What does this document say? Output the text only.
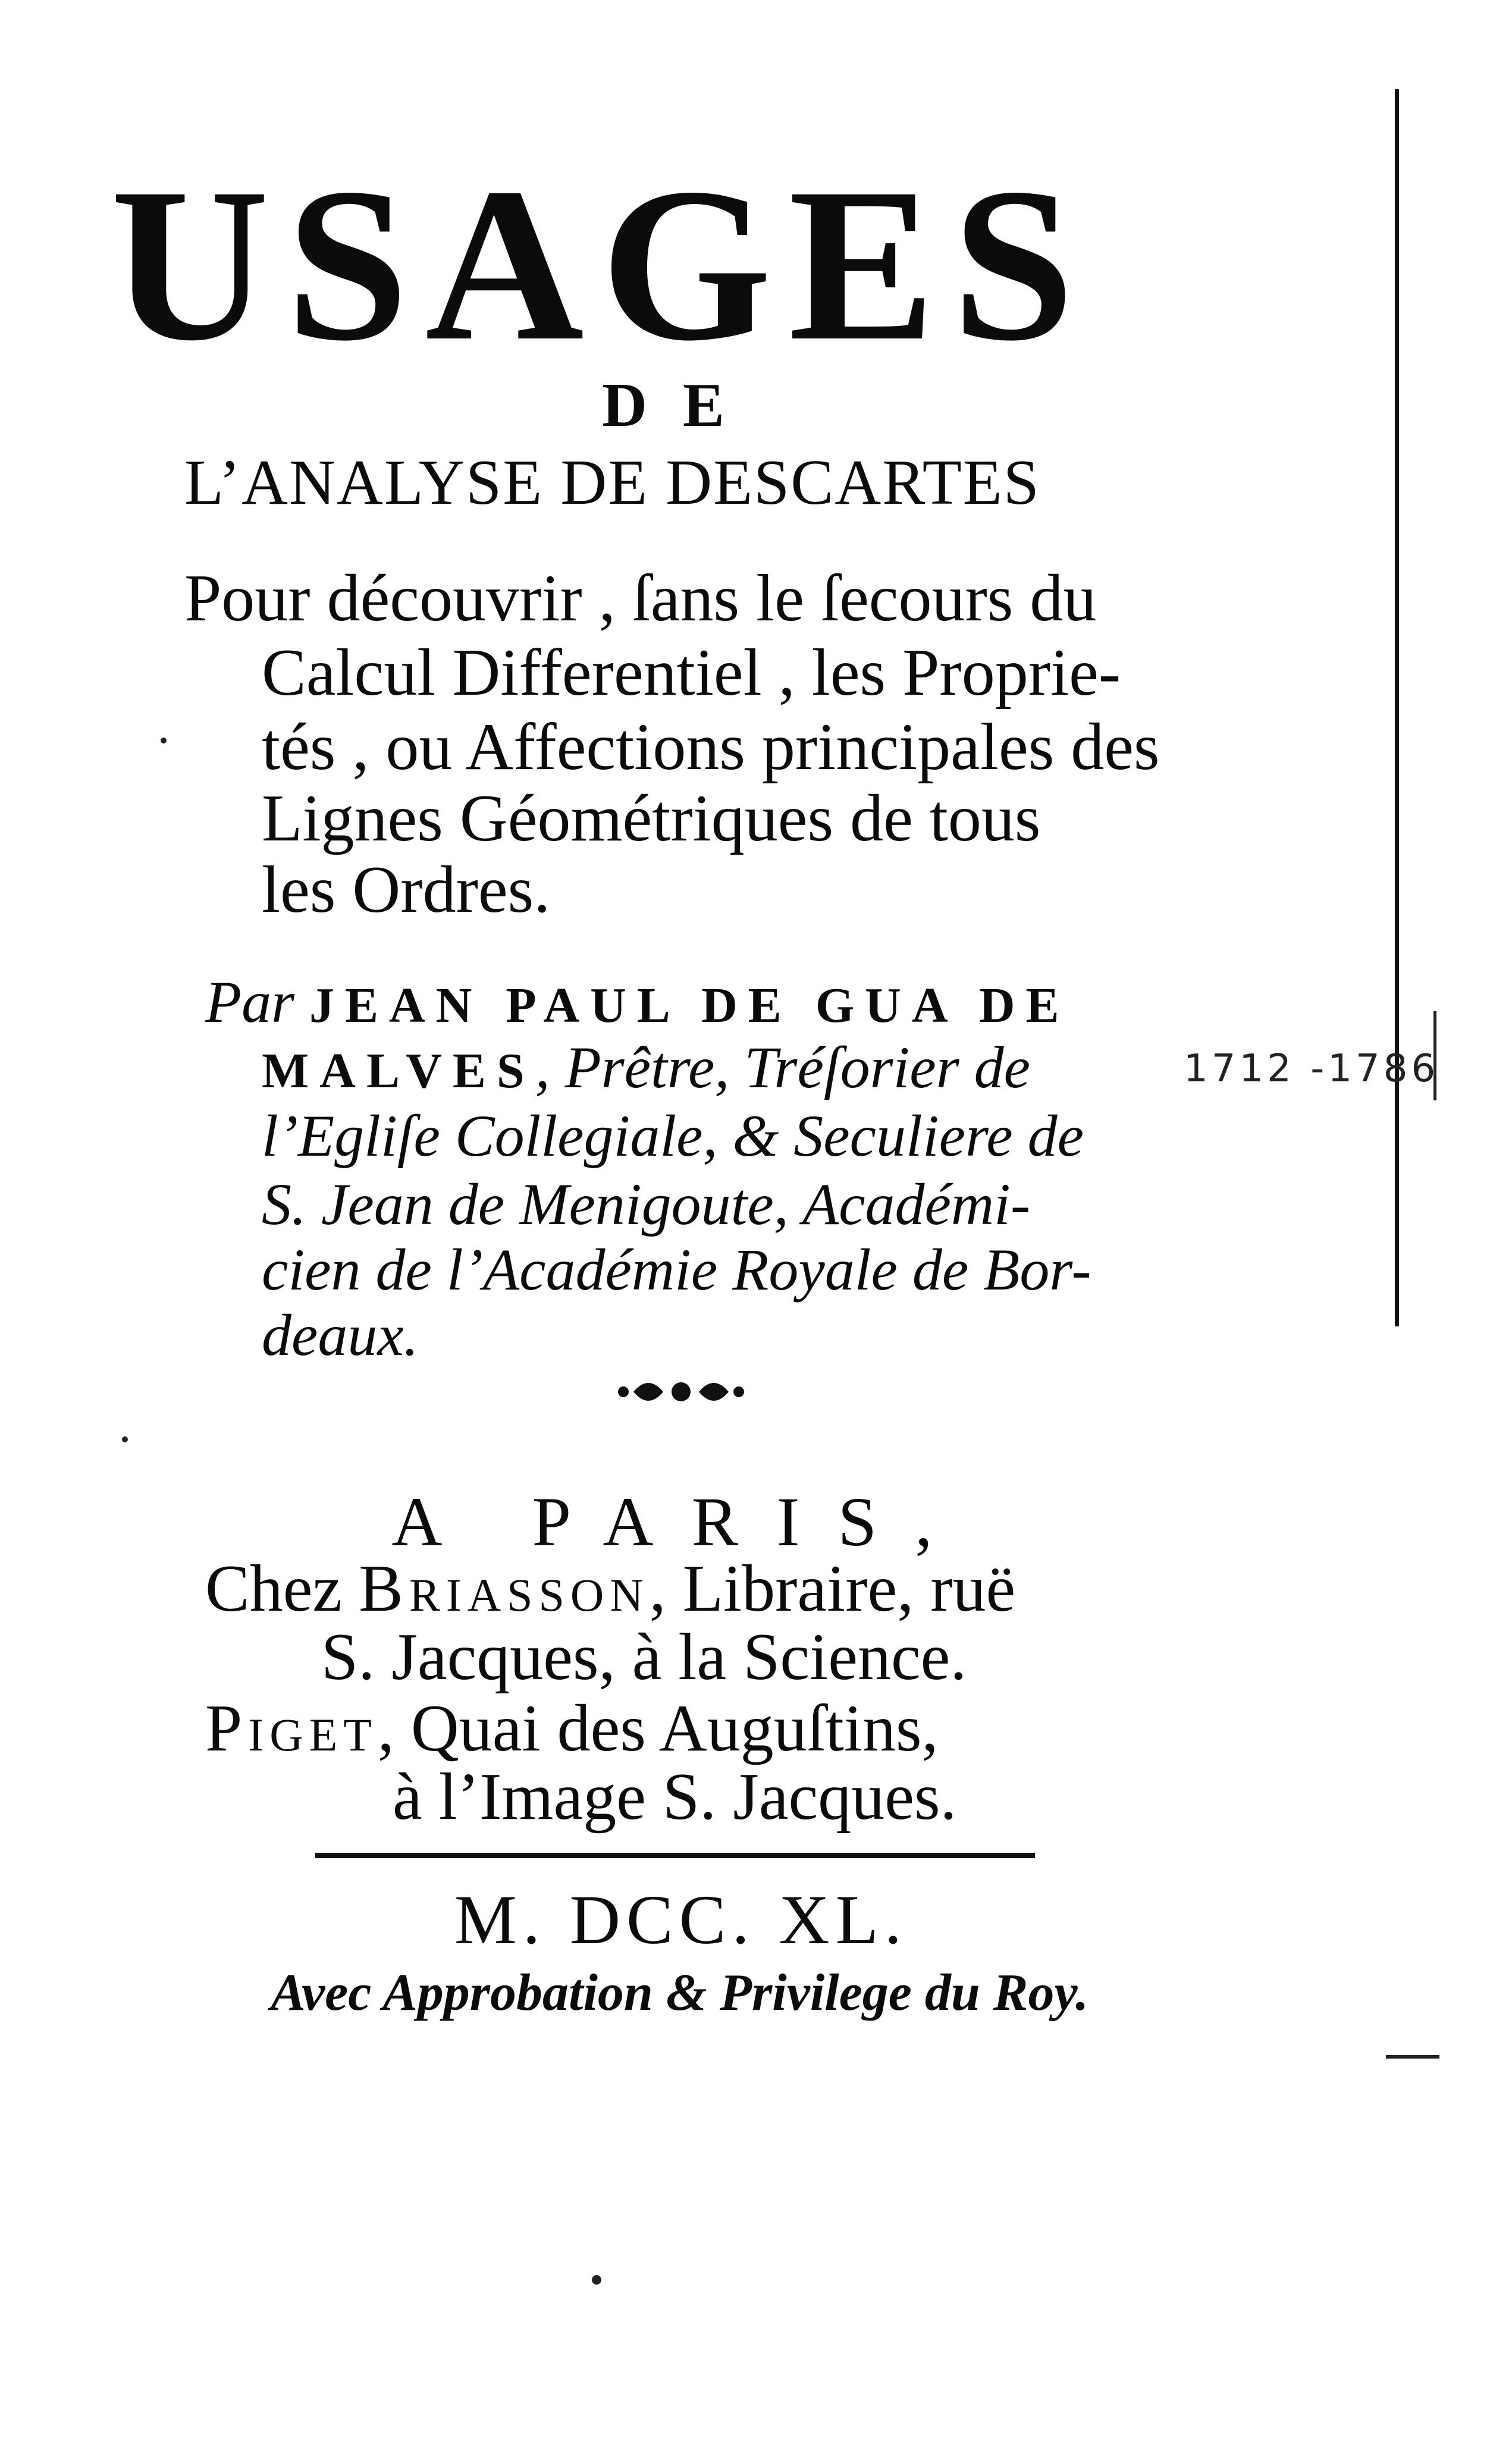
USAGES
DE
L’ANALYSE DE DESCARTES
Pour découvrir , ſans le ſecours du
Calcul Differentiel , les Proprie-
tés , ou Affections principales des
Lignes Géométriques de tous
les Ordres.
Par JEAN PAUL DE GUA DE
MALVES, Prêtre, Tréſorier de
l’Egliſe Collegiale, & Seculiere de
S. Jean de Menigoute, Académi-
cien de l’Académie Royale de Bor-
deaux.
1712 -1786
A PARIS,
Chez Briasson, Libraire, ruë
S. Jacques, à la Science.
Piget, Quai des Auguſtins,
à l’Image S. Jacques.
M. DCC. XL.
Avec Approbation & Privilege du Roy.
